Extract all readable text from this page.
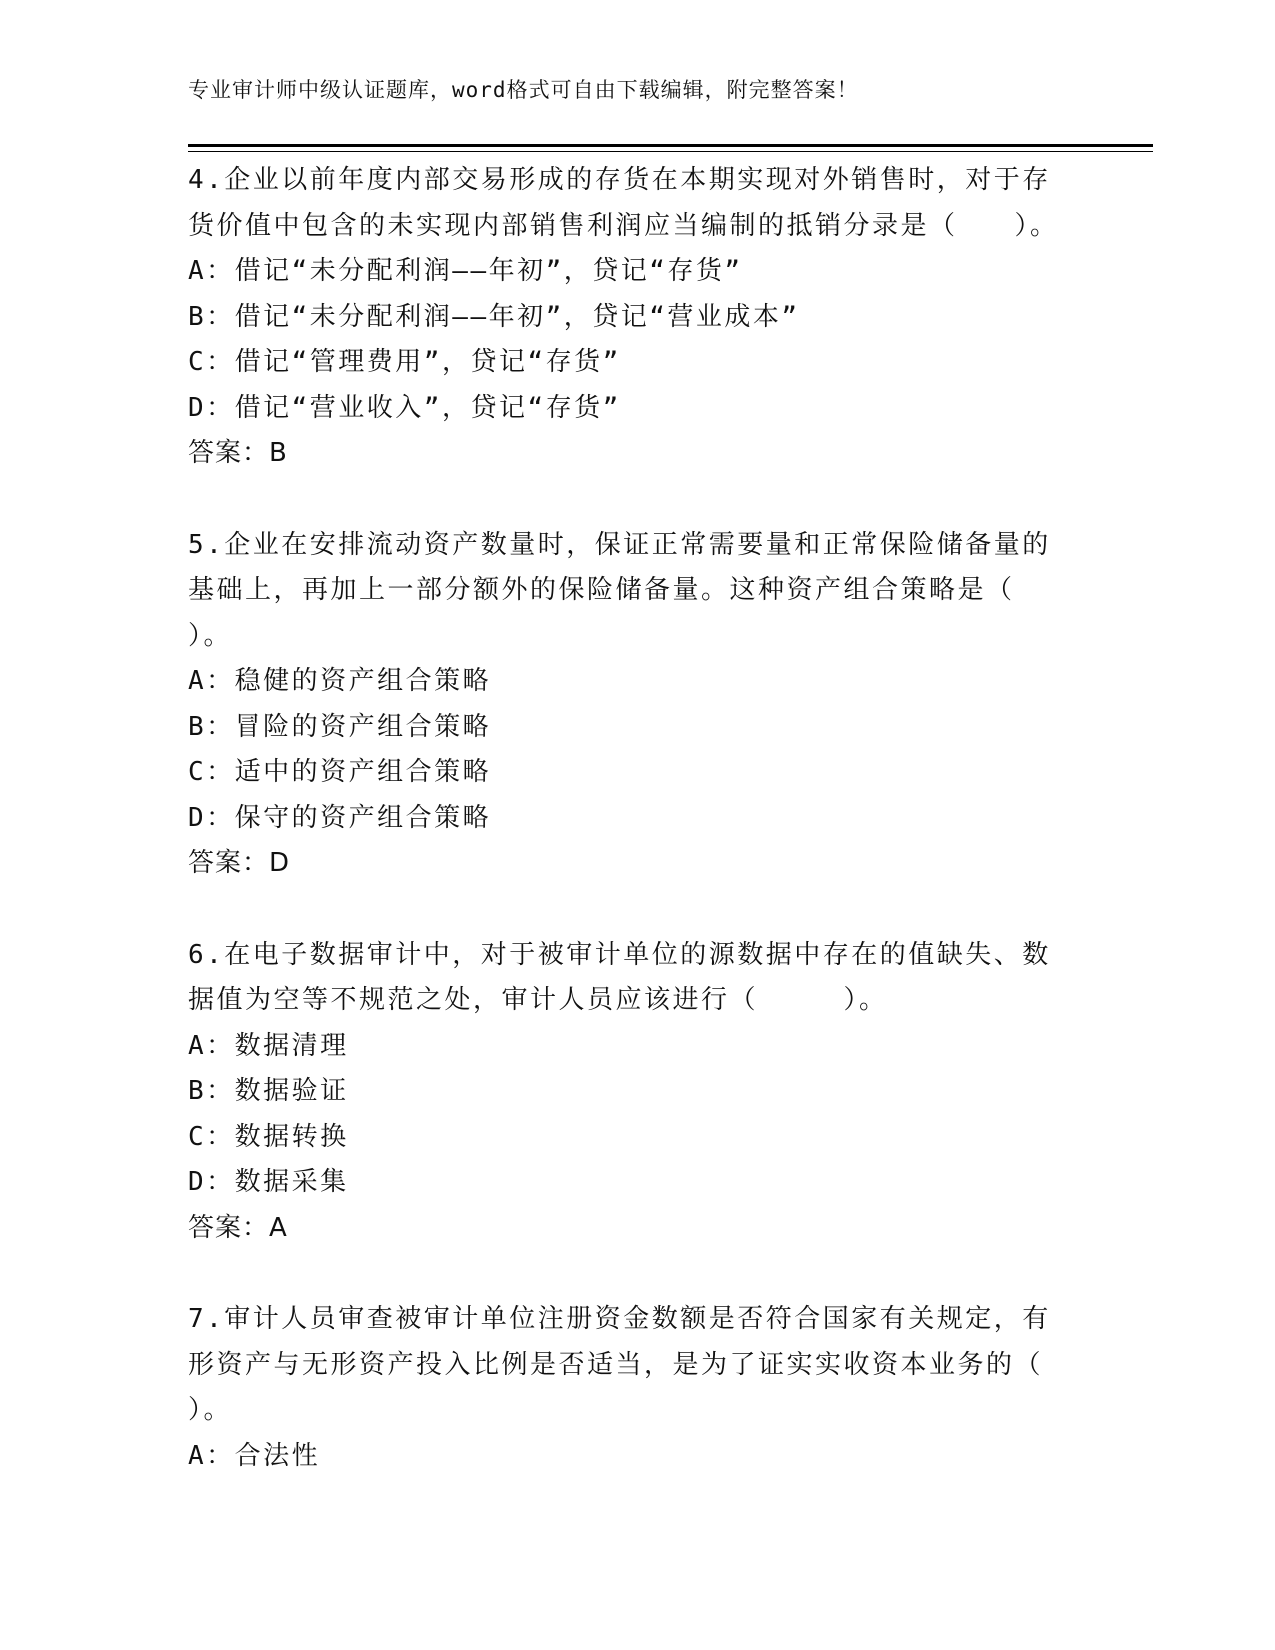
专业审计师中级认证题库，word格式可自由下载编辑，附完整答案！
4.企业以前年度内部交易形成的存货在本期实现对外销售时，对于存
货价值中包含的未实现内部销售利润应当编制的抵销分录是（　　）。
A：借记“未分配利润——年初”，贷记“存货”
B：借记“未分配利润——年初”，贷记“营业成本”
C：借记“管理费用”，贷记“存货”
D：借记“营业收入”，贷记“存货”
答案：B
5.企业在安排流动资产数量时，保证正常需要量和正常保险储备量的
基础上，再加上一部分额外的保险储备量。这种资产组合策略是（
）。
A：稳健的资产组合策略
B：冒险的资产组合策略
C：适中的资产组合策略
D：保守的资产组合策略
答案：D
6.在电子数据审计中，对于被审计单位的源数据中存在的值缺失、数
据值为空等不规范之处，审计人员应该进行（　　　）。
A：数据清理
B：数据验证
C：数据转换
D：数据采集
答案：A
7.审计人员审查被审计单位注册资金数额是否符合国家有关规定，有
形资产与无形资产投入比例是否适当，是为了证实实收资本业务的（
）。
A：合法性
